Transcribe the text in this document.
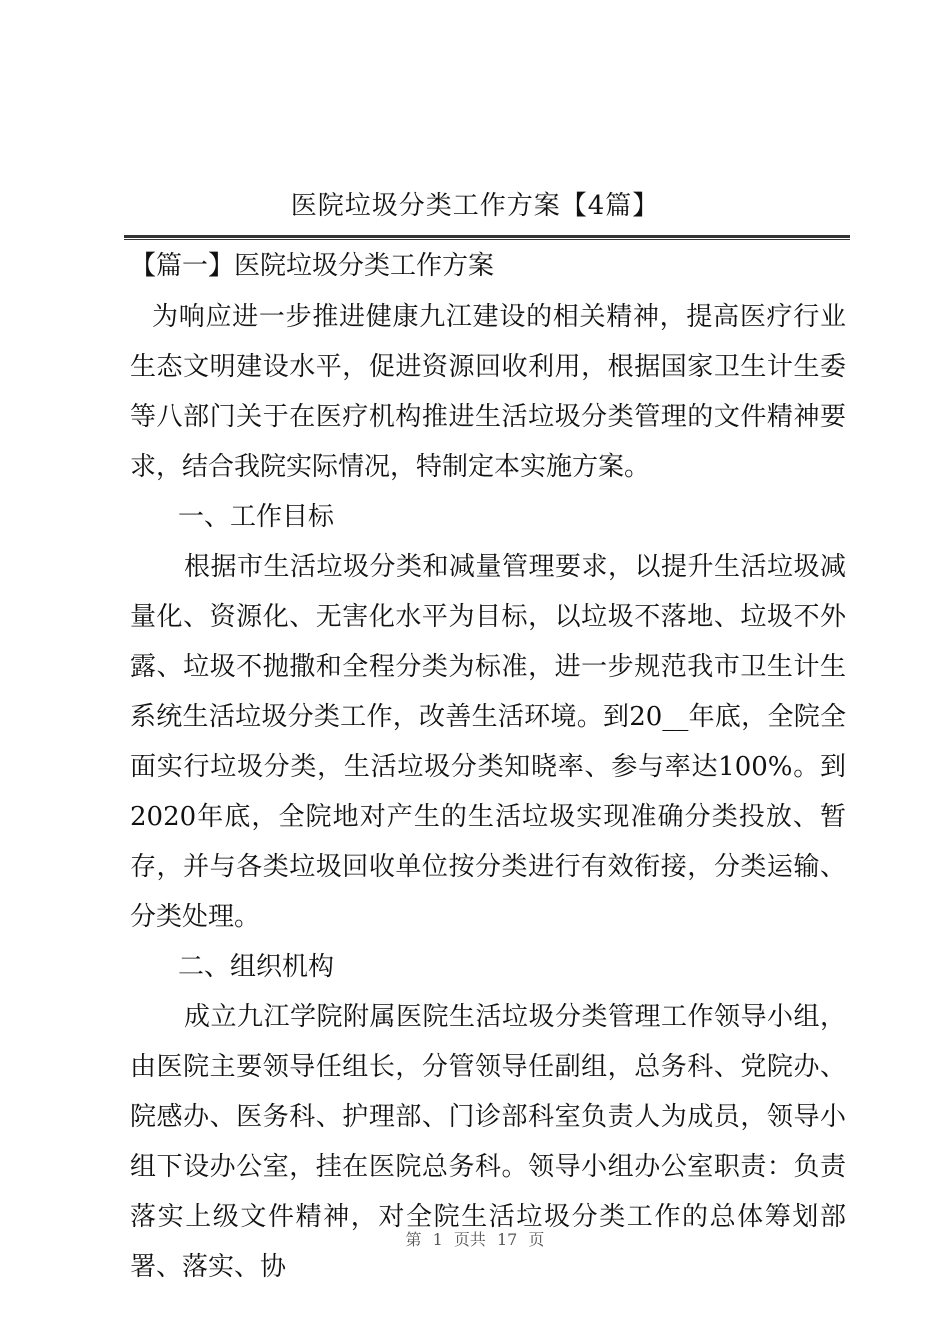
医院垃圾分类工作方案【4篇】
【篇一】医院垃圾分类工作方案

为响应进一步推进健康九江建设的相关精神，提高医疗行业生态文明建设水平，促进资源回收利用，根据国家卫生计生委等八部门关于在医疗机构推进生活垃圾分类管理的文件精神要求，结合我院实际情况，特制定本实施方案。

一、工作目标

根据市生活垃圾分类和减量管理要求，以提升生活垃圾减量化、资源化、无害化水平为目标，以垃圾不落地、垃圾不外露、垃圾不抛撒和全程分类为标准，进一步规范我市卫生计生系统生活垃圾分类工作，改善生活环境。到20__年底，全院全面实行垃圾分类，生活垃圾分类知晓率、参与率达100%。到2020年底，全院地对产生的生活垃圾实现准确分类投放、暂存，并与各类垃圾回收单位按分类进行有效衔接，分类运输、分类处理。

二、组织机构

成立九江学院附属医院生活垃圾分类管理工作领导小组，由医院主要领导任组长，分管领导任副组，总务科、党院办、院感办、医务科、护理部、门诊部科室负责人为成员，领导小组下设办公室，挂在医院总务科。领导小组办公室职责：负责落实上级文件精神，对全院生活垃圾分类工作的总体筹划部署、落实、协

第 1 页共 17 页
